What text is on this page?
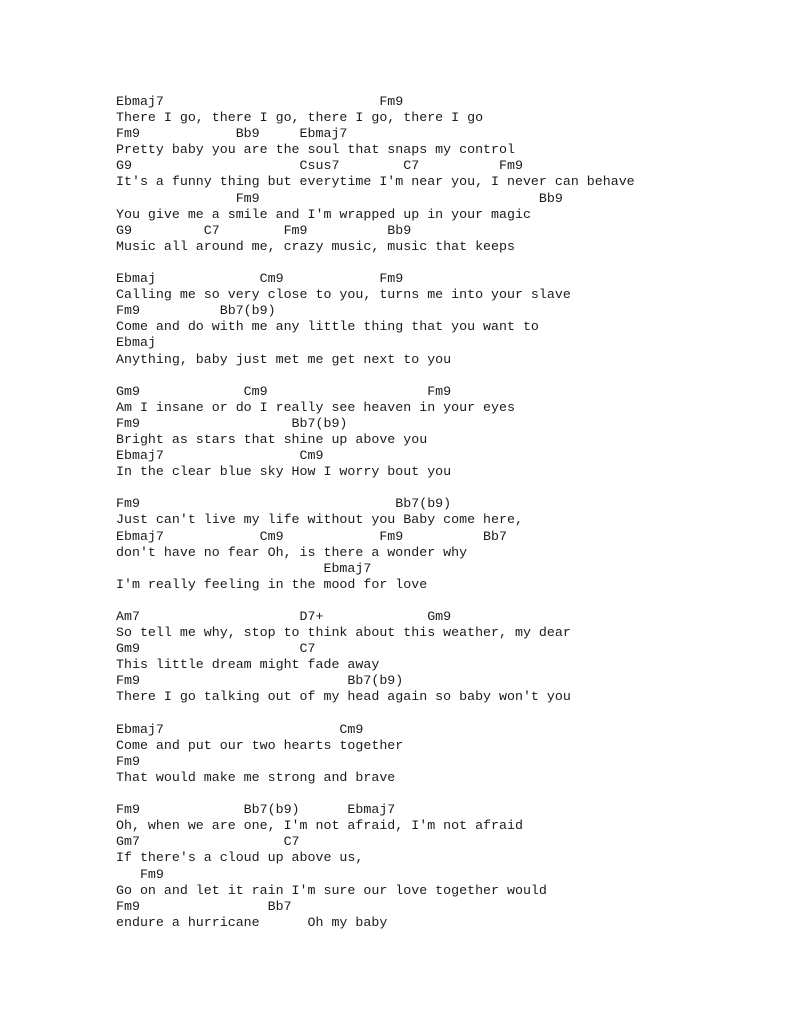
Ebmaj7                           Fm9
There I go, there I go, there I go, there I go
Fm9            Bb9     Ebmaj7
Pretty baby you are the soul that snaps my control
G9                     Csus7        C7          Fm9
It's a funny thing but everytime I'm near you, I never can behave
Fm9                                   Bb9
You give me a smile and I'm wrapped up in your magic
G9         C7        Fm9          Bb9
Music all around me, crazy music, music that keeps
Ebmaj             Cm9            Fm9
Calling me so very close to you, turns me into your slave
Fm9          Bb7(b9)
Come and do with me any little thing that you want to
Ebmaj
Anything, baby just met me get next to you
Gm9             Cm9                    Fm9
Am I insane or do I really see heaven in your eyes
Fm9                   Bb7(b9)
Bright as stars that shine up above you
Ebmaj7                 Cm9
In the clear blue sky How I worry bout you
Fm9                                Bb7(b9)
Just can't live my life without you Baby come here,
Ebmaj7            Cm9            Fm9          Bb7
don't have no fear Oh, is there a wonder why
Ebmaj7
I'm really feeling in the mood for love
Am7                    D7+             Gm9
So tell me why, stop to think about this weather, my dear
Gm9                    C7
This little dream might fade away
Fm9                          Bb7(b9)
There I go talking out of my head again so baby won't you
Ebmaj7                      Cm9
Come and put our two hearts together
Fm9
That would make me strong and brave
Fm9             Bb7(b9)      Ebmaj7
Oh, when we are one, I'm not afraid, I'm not afraid
Gm7                  C7
If there's a cloud up above us,
Fm9
Go on and let it rain I'm sure our love together would
Fm9                Bb7
endure a hurricane      Oh my baby
